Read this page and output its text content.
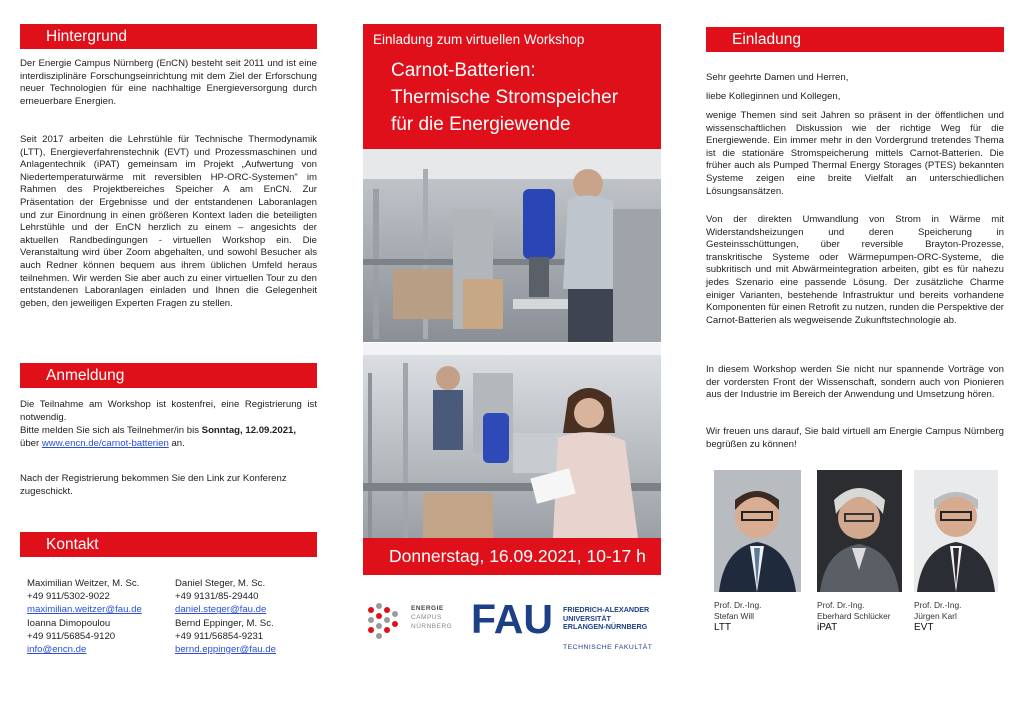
Hintergrund

Der Energie Campus Nürnberg (EnCN) besteht seit 2011 und ist eine interdisziplinäre Forschungseinrichtung mit dem Ziel der Erforschung neuer Technologien für eine nachhaltige Energieversorgung durch erneuerbare Energien.

Seit 2017 arbeiten die Lehrstühle für Technische Thermodynamik (LTT), Energieverfahrenstechnik (EVT) und Prozessmaschinen und Anlagentechnik (iPAT) gemeinsam im Projekt „Aufwertung von Niedertemperaturwärme mit reversiblen HP-ORC-Systemen" im Rahmen des Projektbereiches Speicher A am EnCN. Zur Präsentation der Ergebnisse und der entstandenen Laboranlagen und zur Einordnung in einen größeren Kontext laden die beteiligten Lehrstühle und der EnCN herzlich zu einem – angesichts der aktuellen Randbedingungen - virtuellen Workshop ein. Die Veranstaltung wird über Zoom abgehalten, und sowohl Besucher als auch Redner können bequem aus ihrem üblichen Umfeld heraus teilnehmen. Wir werden Sie aber auch zu einer virtuellen Tour zu den entstandenen Laboranlagen einladen und Ihnen die Gelegenheit geben, den jeweiligen Experten Fragen zu stellen.

Anmeldung

Die Teilnahme am Workshop ist kostenfrei, eine Registrierung ist notwendig.

Bitte melden Sie sich als Teilnehmer/in bis Sonntag, 12.09.2021,
über www.encn.de/carnot-batterien an.

Nach der Registrierung bekommen Sie den Link zur Konferenz zugeschickt.

Kontakt
Maximilian Weitzer, M. Sc.
+49 911/5302-9022
maximilian.weitzer@fau.de
Ioanna Dimopoulou
+49 911/56854-9120
info@encn.de
Daniel Steger, M. Sc.
+49 9131/85-29440
daniel.steger@fau.de
Bernd Eppinger, M. Sc.
+49 911/56854-9231
bernd.eppinger@fau.de
Einladung zum virtuellen Workshop
Carnot-Batterien:
Thermische Stromspeicher
für die Energiewende
Donnerstag, 16.09.2021, 10-17 h
ENERGIE
CAMPUS
NÜRNBERG FAU FRIEDRICH-ALEXANDER
UNIVERSITÄT
ERLANGEN-NÜRNBERG
TECHNISCHE FAKULTÄT
Einladung

Sehr geehrte Damen und Herren,

liebe Kolleginnen und Kollegen,

wenige Themen sind seit Jahren so präsent in der öffentlichen und wissenschaftlichen Diskussion wie der richtige Weg für die Energiewende. Ein immer mehr in den Vordergrund tretendes Thema ist die stationäre Stromspeicherung mittels Carnot-Batterien. Die früher auch als Pumped Thermal Energy Storages (PTES) bekannten Systeme zeigen eine breite Vielfalt an unterschiedlichen Lösungsansätzen.

Von der direkten Umwandlung von Strom in Wärme mit Widerstandsheizungen und deren Speicherung in Gesteinsschüttungen, über reversible Brayton-Prozesse, transkritische Systeme oder Wärmepumpen-ORC-Systeme, die subkritisch und mit Abwärmeintegration arbeiten, gibt es für nahezu jedes Szenario eine passende Lösung. Der zusätzliche Charme einiger Varianten, bestehende Infrastruktur und bereits vorhandene Komponenten für einen Retrofit zu nutzen, runden die Perspektive der Carnot-Batterien als wegweisende Zukunftstechnologie ab.

In diesem Workshop werden Sie nicht nur spannende Vorträge von der vordersten Front der Wissenschaft, sondern auch von Pionieren aus der Industrie im Bereich der Anwendung und Umsetzung hören.

Wir freuen uns darauf, Sie bald virtuell am Energie Campus Nürnberg begrüßen zu können!

Prof. Dr.-Ing.
Stefan Will
LTT
Prof. Dr.-Ing.
Eberhard Schlücker
iPAT
Prof. Dr.-Ing.
Jürgen Karl
EVT
